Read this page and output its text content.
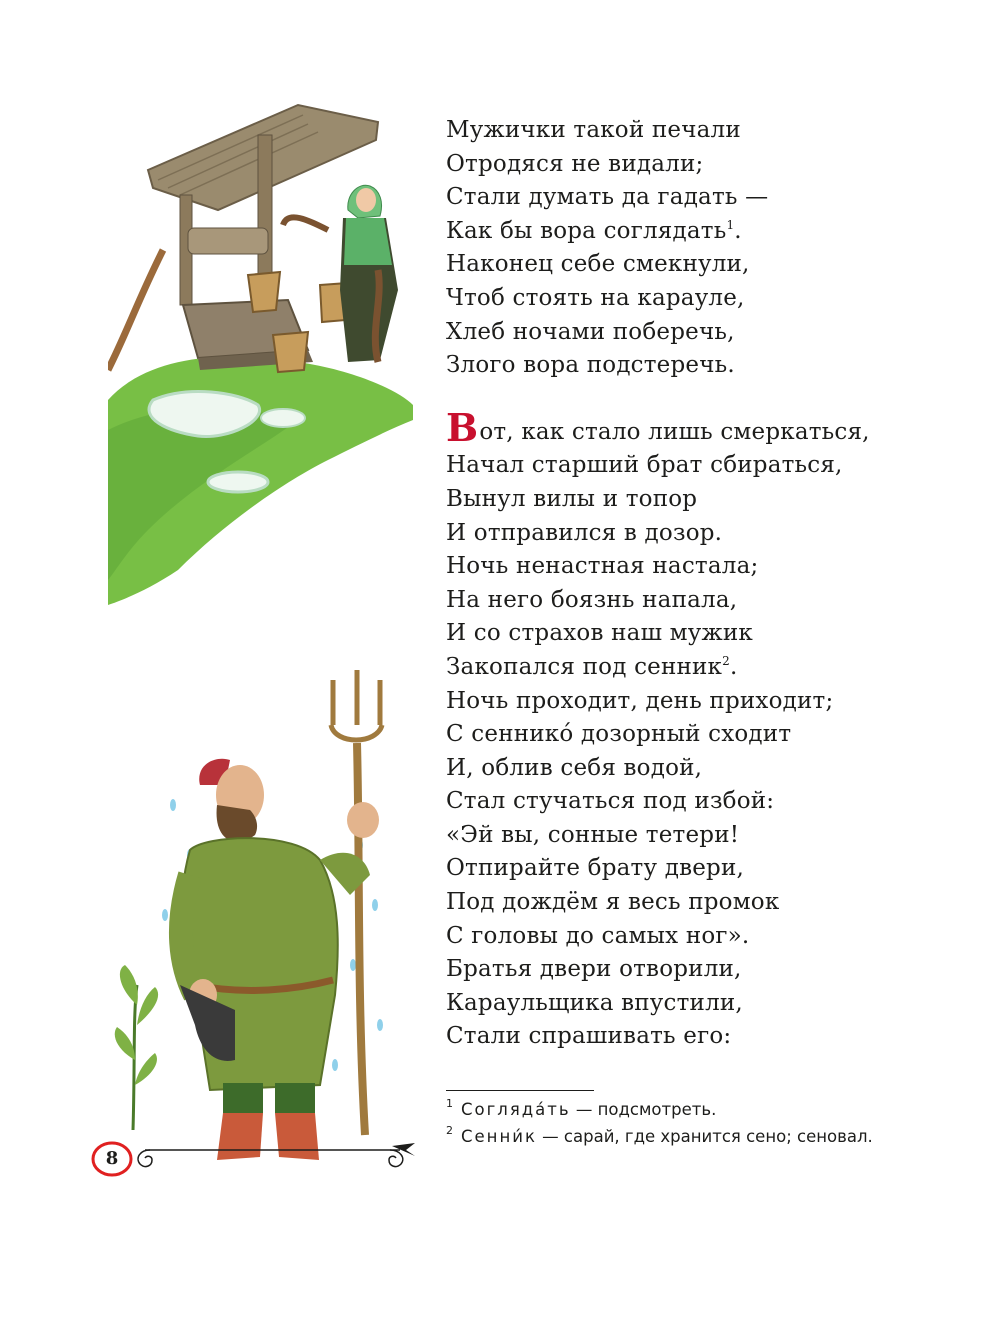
Мужички такой печали
Отродяся не видали;
Стали думать да гадать —
Как бы вора соглядать$^1$.
Наконец себе смекнули,
Чтоб стоять на карауле,
Хлеб ночами поберечь,
Злого вора подстеречь.
Вот, как стало лишь смеркаться,
Начал старший брат сбираться,
Вынул вилы и топор
И отправился в дозор.
Ночь ненастная настала;
На него боязнь напала,
И со страхов наш мужик
Закопался под сенник$^2$.
Ночь проходит, день приходит;
С сеннико́ дозорный сходит
И, облив себя водой,
Стал стучаться под избой:
«Эй вы, сонные тетери!
Отпирайте брату двери,
Под дождём я весь промок
С головы до самых ног».
Братья двери отворили,
Караульщика впустили,
Стали спрашивать его:
$^1$ Согляда́ть — подсмотреть.
$^2$ Сенни́к — сарай, где хранится сено; сеновал.
8
